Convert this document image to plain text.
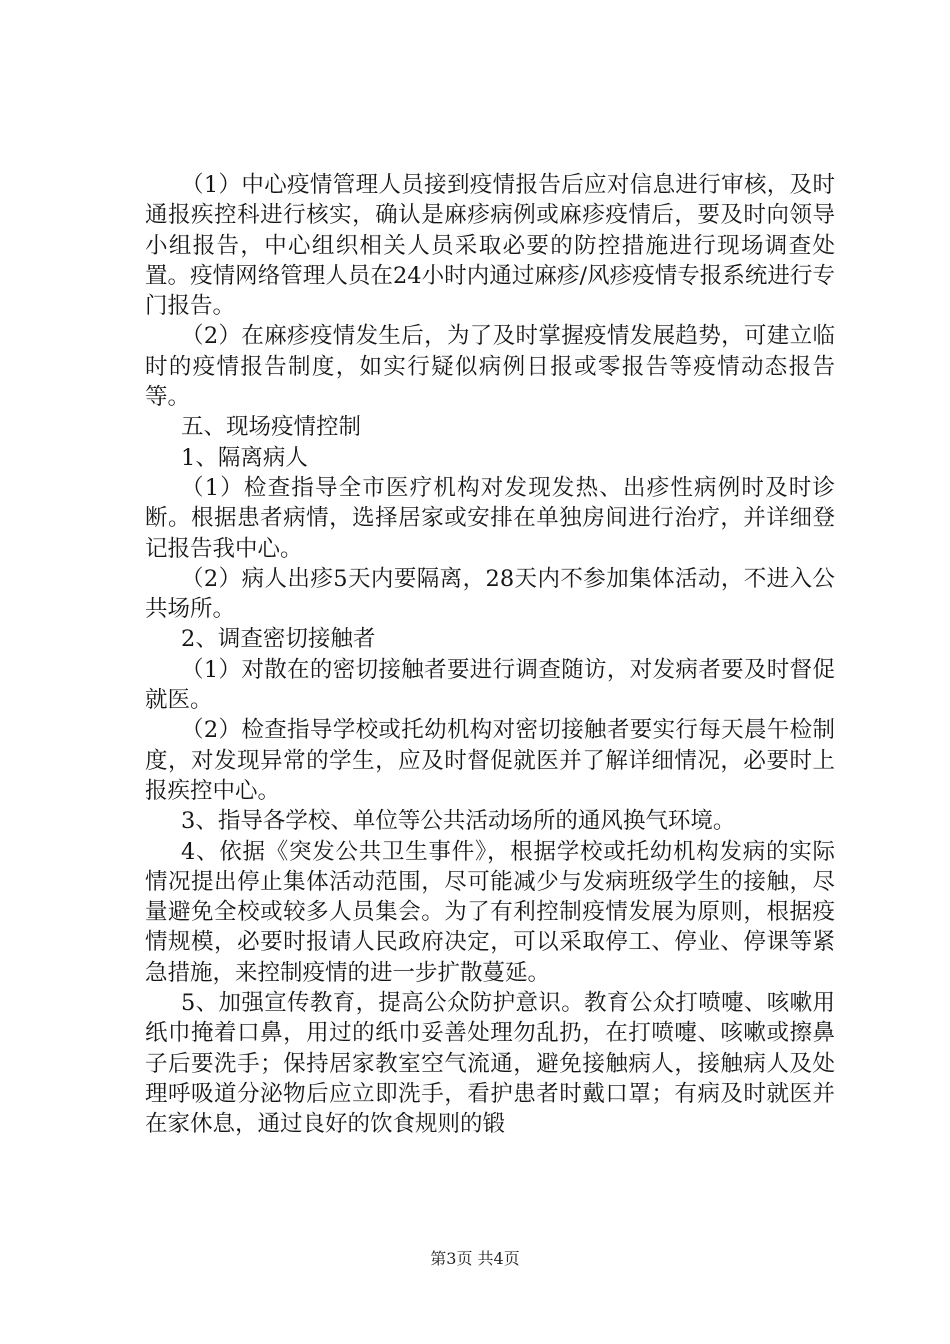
（1）中心疫情管理人员接到疫情报告后应对信息进行审核，及时通报疾控科进行核实，确认是麻疹病例或麻疹疫情后，要及时向领导小组报告，中心组织相关人员采取必要的防控措施进行现场调查处置。疫情网络管理人员在24小时内通过麻疹/风疹疫情专报系统进行专门报告。

（2）在麻疹疫情发生后，为了及时掌握疫情发展趋势，可建立临时的疫情报告制度，如实行疑似病例日报或零报告等疫情动态报告等。

五、现场疫情控制

1、隔离病人

（1）检查指导全市医疗机构对发现发热、出疹性病例时及时诊断。根据患者病情，选择居家或安排在单独房间进行治疗，并详细登记报告我中心。

（2）病人出疹5天内要隔离，28天内不参加集体活动，不进入公共场所。

2、调查密切接触者

（1）对散在的密切接触者要进行调查随访，对发病者要及时督促就医。

（2）检查指导学校或托幼机构对密切接触者要实行每天晨午检制度，对发现异常的学生，应及时督促就医并了解详细情况，必要时上报疾控中心。

3、指导各学校、单位等公共活动场所的通风换气环境。

4、依据《突发公共卫生事件》，根据学校或托幼机构发病的实际情况提出停止集体活动范围，尽可能减少与发病班级学生的接触，尽量避免全校或较多人员集会。为了有利控制疫情发展为原则，根据疫情规模，必要时报请人民政府决定，可以采取停工、停业、停课等紧急措施，来控制疫情的进一步扩散蔓延。

5、加强宣传教育，提高公众防护意识。教育公众打喷嚏、咳嗽用纸巾掩着口鼻，用过的纸巾妥善处理勿乱扔，在打喷嚏、咳嗽或擦鼻子后要洗手；保持居家教室空气流通，避免接触病人，接触病人及处理呼吸道分泌物后应立即洗手，看护患者时戴口罩；有病及时就医并在家休息，通过良好的饮食规则的锻

第3页 共4页
